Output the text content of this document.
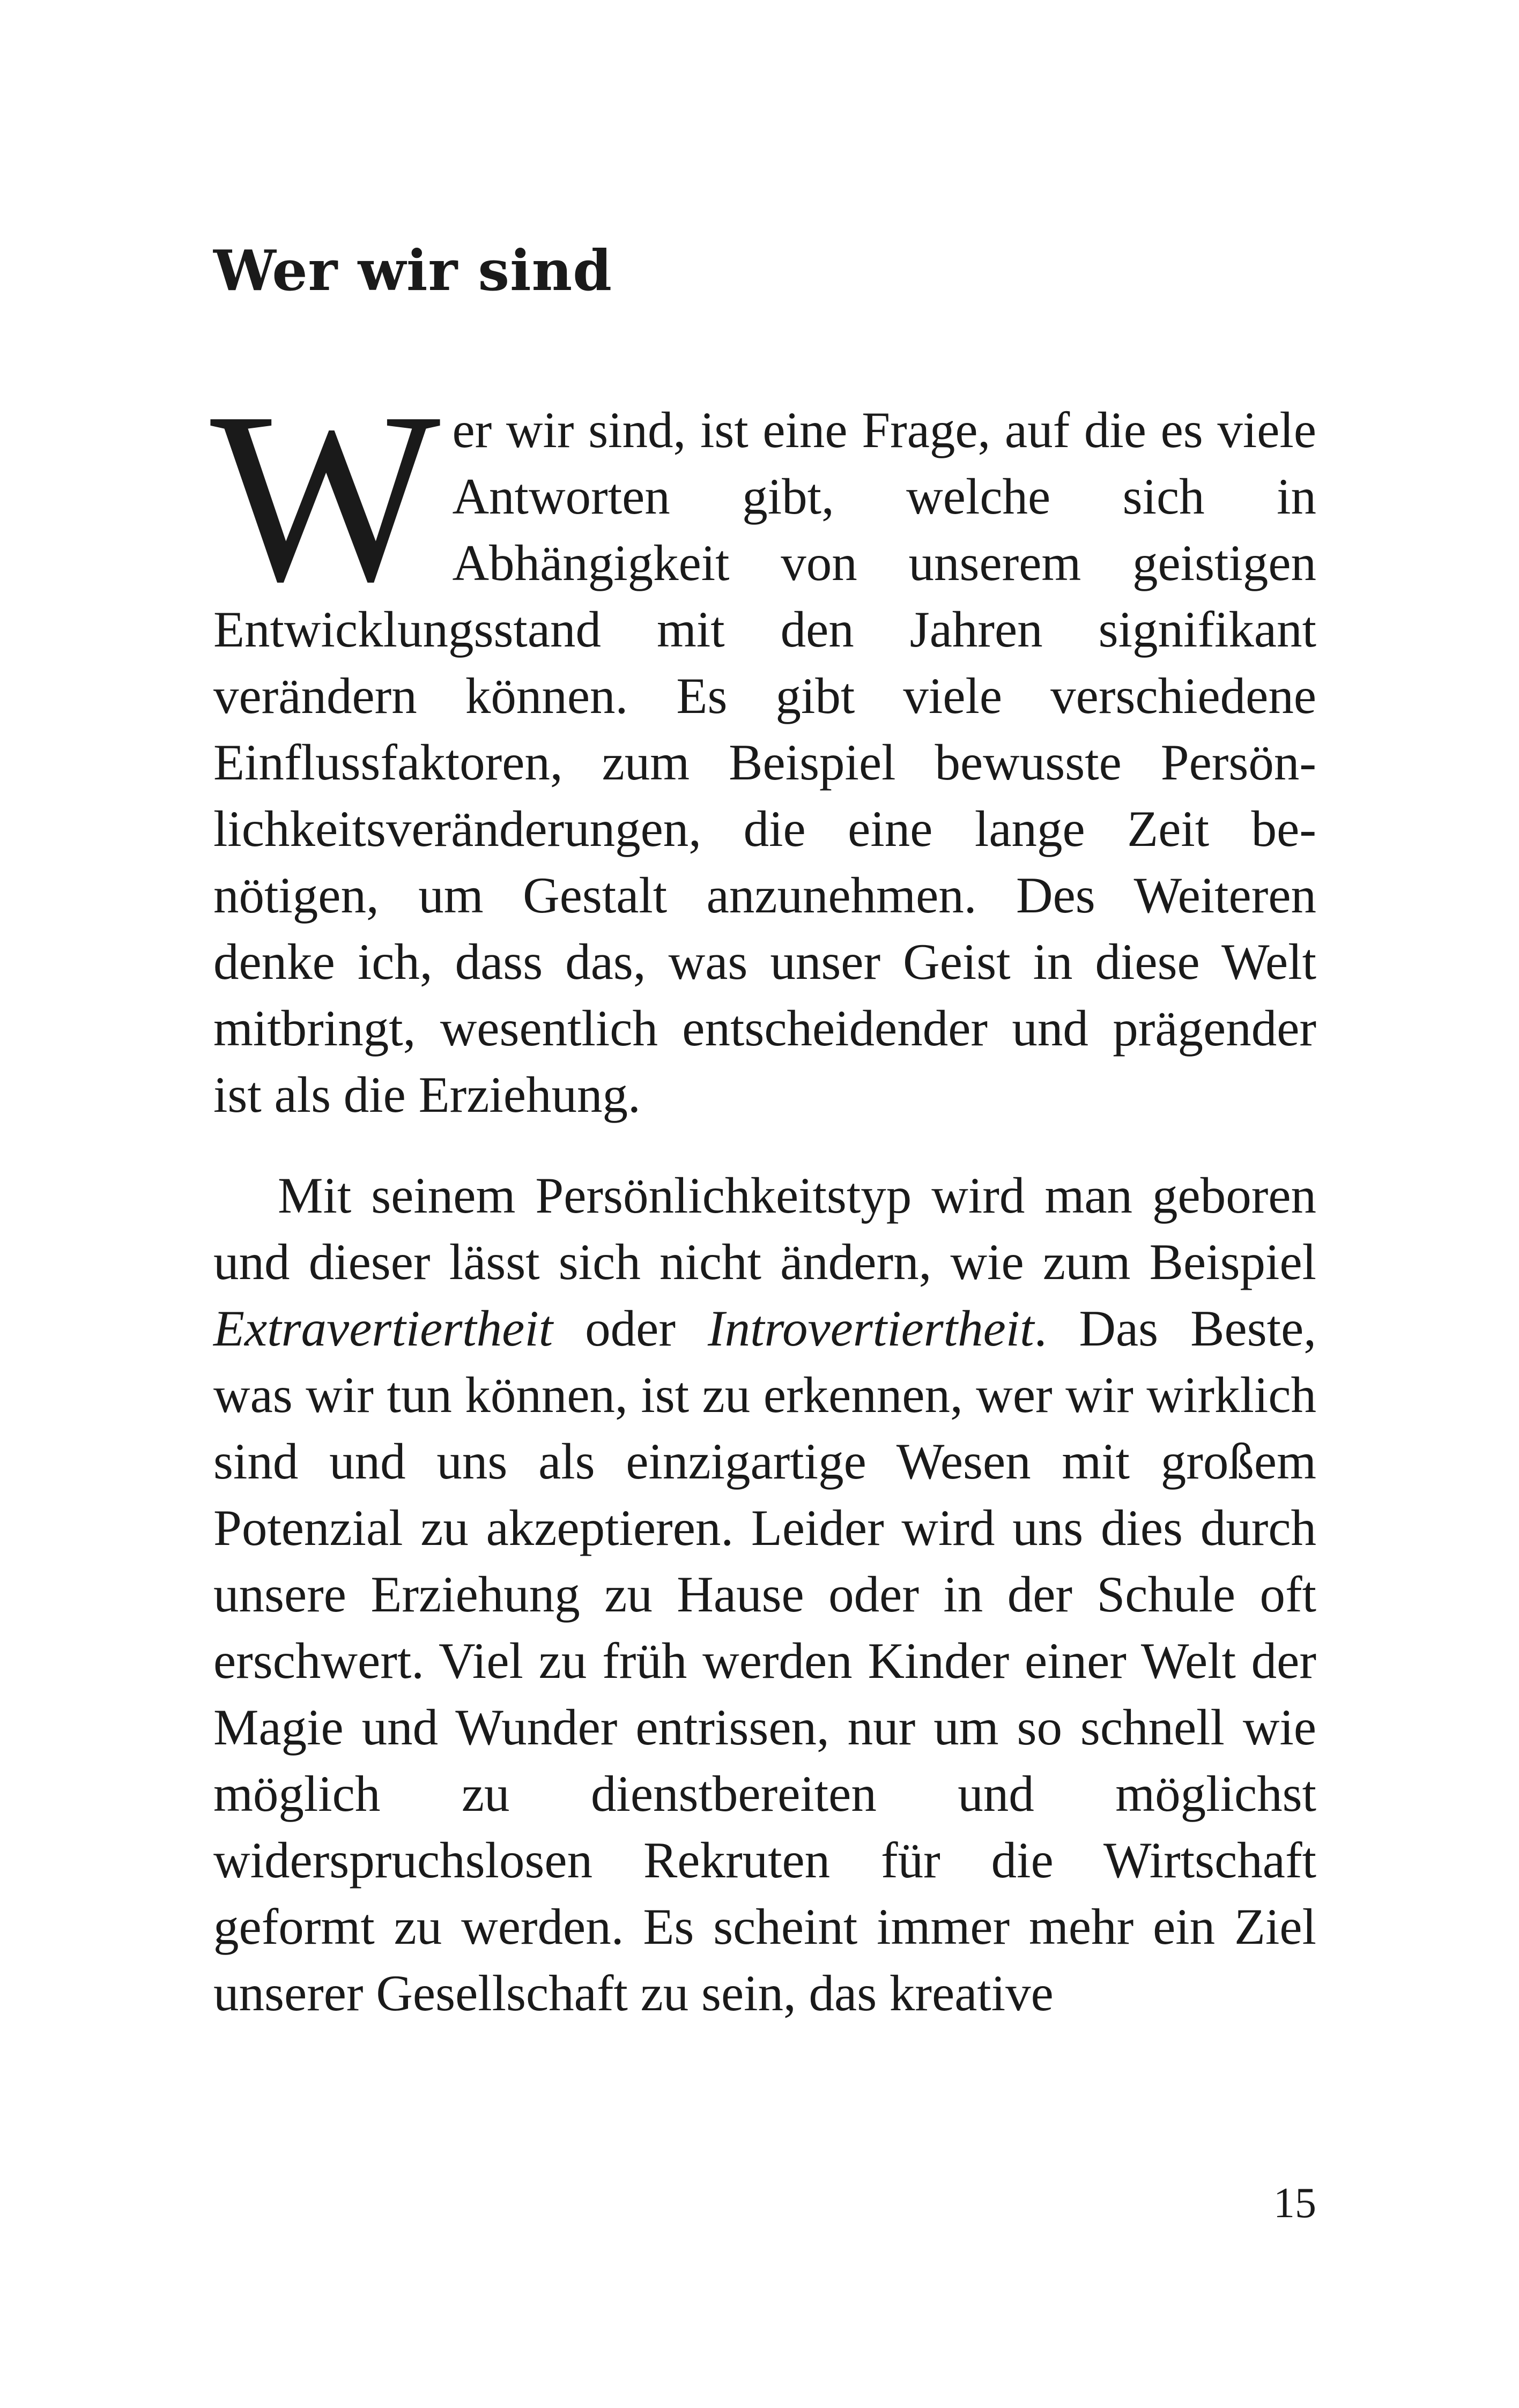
Wer wir sind

Wer wir sind, ist eine Frage, auf die es viele Antworten gibt, welche sich in Abhängigkeit von unserem geistigen Entwicklungsstand mit den Jahren signifikant verändern können. Es gibt viele verschiedene Einflussfaktoren, zum Beispiel bewusste Persönlichkeitsveränderungen, die eine lange Zeit benötigen, um Gestalt anzunehmen. Des Weiteren denke ich, dass das, was unser Geist in diese Welt mitbringt, wesentlich entscheidender und prägender ist als die Erziehung.

Mit seinem Persönlichkeitstyp wird man geboren und dieser lässt sich nicht ändern, wie zum Beispiel Extravertiertheit oder Introvertiertheit. Das Beste, was wir tun können, ist zu erkennen, wer wir wirklich sind und uns als einzigartige Wesen mit großem Potenzial zu akzeptieren. Leider wird uns dies durch unsere Erziehung zu Hause oder in der Schule oft erschwert. Viel zu früh werden Kinder einer Welt der Magie und Wunder entrissen, nur um so schnell wie möglich zu dienstbereiten und möglichst widerspruchslosen Rekruten für die Wirtschaft geformt zu werden. Es scheint immer mehr ein Ziel unserer Gesellschaft zu sein, das kreative

15
